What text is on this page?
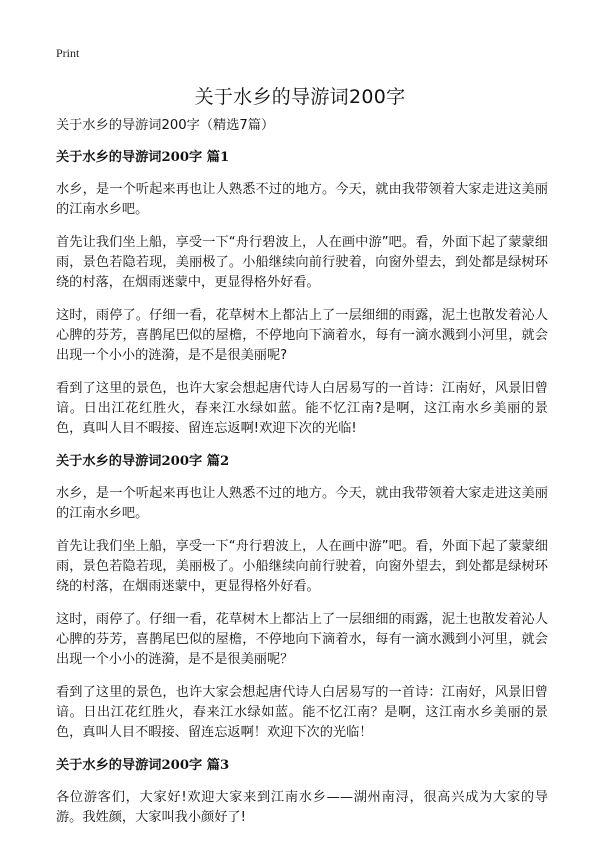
Print
关于水乡的导游词200字

关于水乡的导游词200字（精选7篇）

关于水乡的导游词200字 篇1

水乡，是一个听起来再也让人熟悉不过的地方。今天，就由我带领着大家走进这美丽的江南水乡吧。

首先让我们坐上船，享受一下“舟行碧波上，人在画中游”吧。看，外面下起了蒙蒙细雨，景色若隐若现，美丽极了。小船继续向前行驶着，向窗外望去，到处都是绿树环绕的村落，在烟雨迷蒙中，更显得格外好看。

这时，雨停了。仔细一看，花草树木上都沾上了一层细细的雨露，泥土也散发着沁人心脾的芬芳，喜鹊尾巴似的屋檐，不停地向下滴着水，每有一滴水溅到小河里，就会出现一个小小的涟漪，是不是很美丽呢?

看到了这里的景色，也许大家会想起唐代诗人白居易写的一首诗：江南好，风景旧曾谙。日出江花红胜火，春来江水绿如蓝。能不忆江南?是啊，这江南水乡美丽的景色，真叫人目不暇接、留连忘返啊!欢迎下次的光临!

关于水乡的导游词200字 篇2

水乡，是一个听起来再也让人熟悉不过的地方。今天，就由我带领着大家走进这美丽的江南水乡吧。

首先让我们坐上船，享受一下“舟行碧波上，人在画中游”吧。看，外面下起了蒙蒙细雨，景色若隐若现，美丽极了。小船继续向前行驶着，向窗外望去，到处都是绿树环绕的村落，在烟雨迷蒙中，更显得格外好看。

这时，雨停了。仔细一看，花草树木上都沾上了一层细细的雨露，泥土也散发着沁人心脾的芬芳，喜鹊尾巴似的屋檐，不停地向下滴着水，每有一滴水溅到小河里，就会出现一个小小的涟漪，是不是很美丽呢？

看到了这里的景色，也许大家会想起唐代诗人白居易写的一首诗：江南好，风景旧曾谙。日出江花红胜火，春来江水绿如蓝。能不忆江南？是啊，这江南水乡美丽的景色，真叫人目不暇接、留连忘返啊！欢迎下次的光临！

关于水乡的导游词200字 篇3

各位游客们，大家好!欢迎大家来到江南水乡——湖州南浔，很高兴成为大家的导游。我姓颜，大家叫我小颜好了!
